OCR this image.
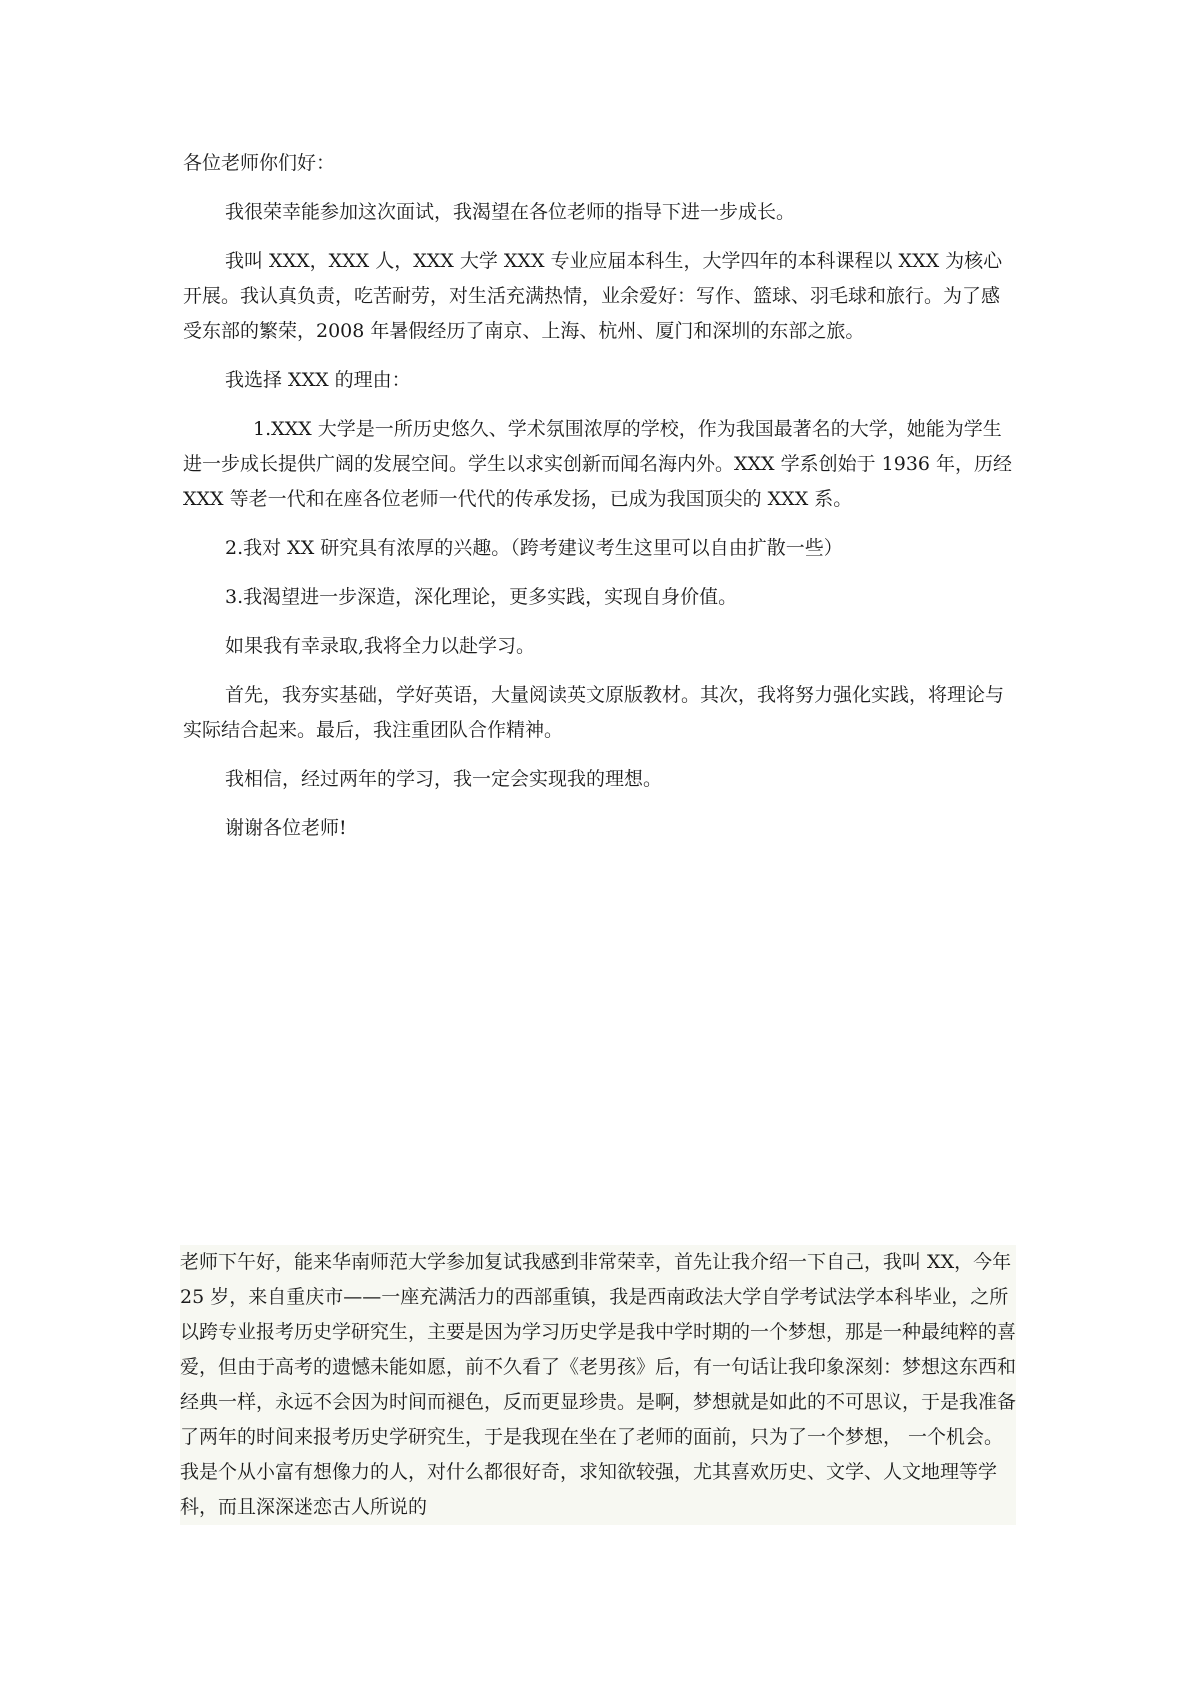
各位老师你们好：

我很荣幸能参加这次面试，我渴望在各位老师的指导下进一步成长。

我叫 XXX，XXX 人，XXX 大学 XXX 专业应届本科生，大学四年的本科课程以 XXX 为核心开展。我认真负责，吃苦耐劳，对生活充满热情，业余爱好：写作、篮球、羽毛球和旅行。为了感受东部的繁荣，2008 年暑假经历了南京、上海、杭州、厦门和深圳的东部之旅。

我选择 XXX 的理由：

1.XXX 大学是一所历史悠久、学术氛围浓厚的学校，作为我国最著名的大学，她能为学生进一步成长提供广阔的发展空间。学生以求实创新而闻名海内外。XXX 学系创始于 1936 年，历经 XXX 等老一代和在座各位老师一代代的传承发扬，已成为我国顶尖的 XXX 系。

2.我对 XX 研究具有浓厚的兴趣。（跨考建议考生这里可以自由扩散一些）

3.我渴望进一步深造，深化理论，更多实践，实现自身价值。

如果我有幸录取,我将全力以赴学习。

首先，我夯实基础，学好英语，大量阅读英文原版教材。其次，我将努力强化实践，将理论与实际结合起来。最后，我注重团队合作精神。

我相信，经过两年的学习，我一定会实现我的理想。

谢谢各位老师!

老师下午好，能来华南师范大学参加复试我感到非常荣幸，首先让我介绍一下自己，我叫 XX，今年 25 岁，来自重庆市——一座充满活力的西部重镇，我是西南政法大学自学考试法学本科毕业，之所以跨专业报考历史学研究生，主要是因为学习历史学是我中学时期的一个梦想，那是一种最纯粹的喜爱，但由于高考的遗憾未能如愿，前不久看了《老男孩》后，有一句话让我印象深刻：梦想这东西和经典一样，永远不会因为时间而褪色，反而更显珍贵。是啊，梦想就是如此的不可思议，于是我准备了两年的时间来报考历史学研究生，于是我现在坐在了老师的面前，只为了一个梦想， 一个机会。我是个从小富有想像力的人，对什么都很好奇，求知欲较强，尤其喜欢历史、文学、人文地理等学科，而且深深迷恋古人所说的
